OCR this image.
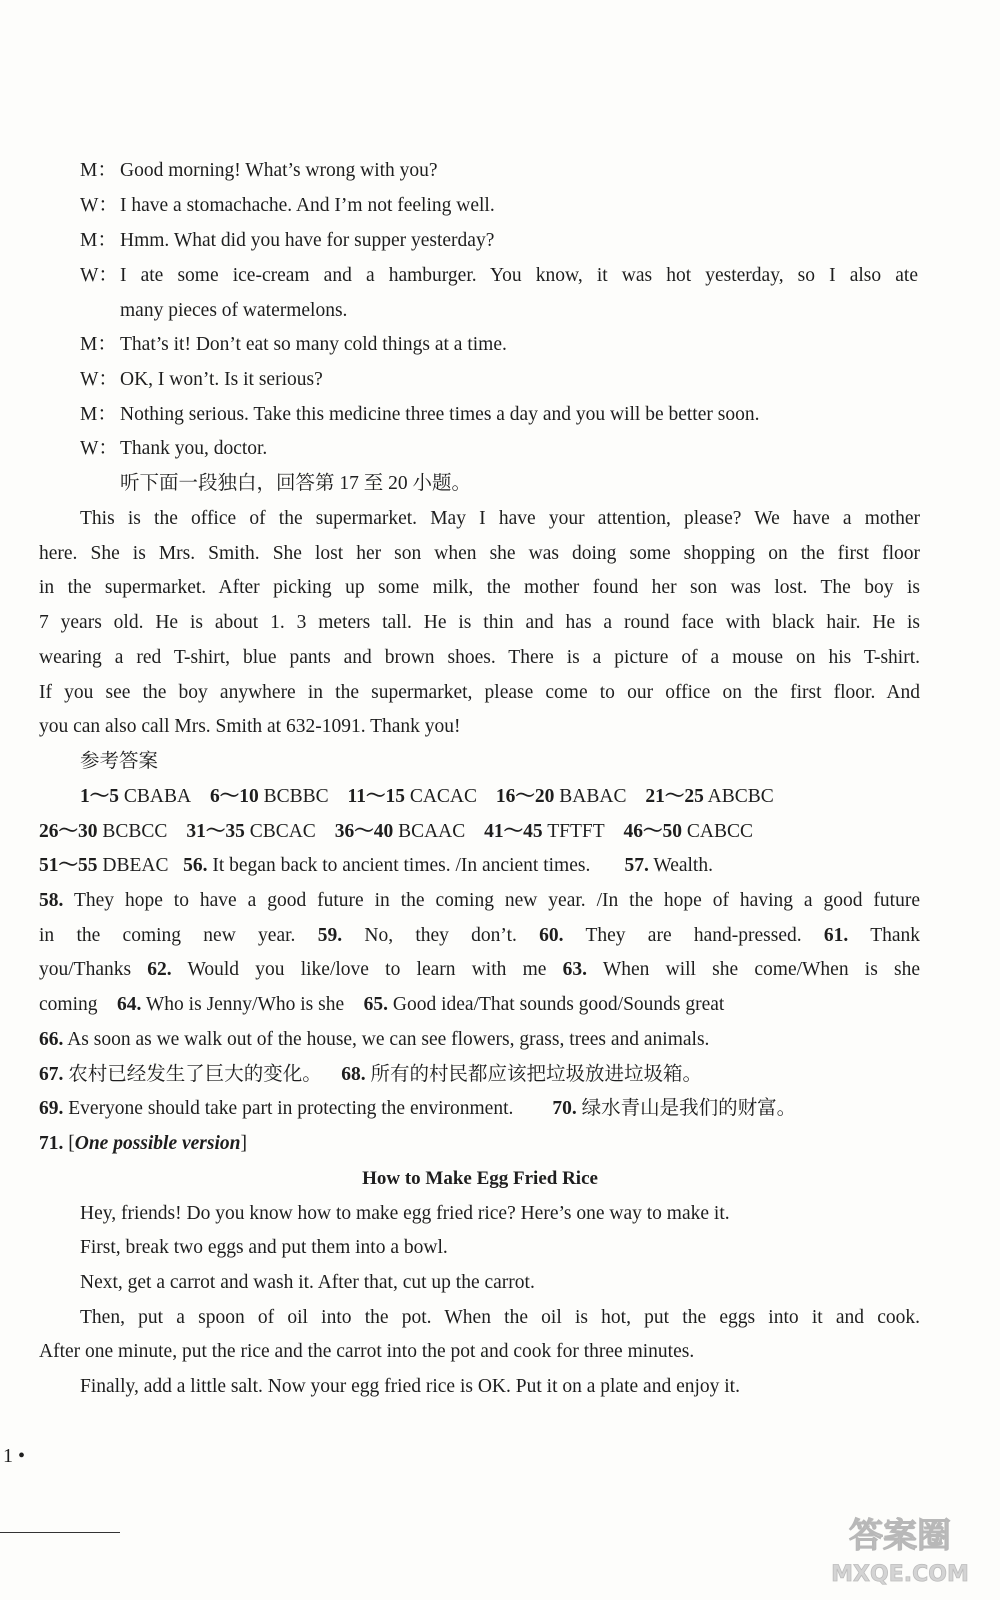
M： Good morning! What’s wrong with you?
W： I have a stomachache. And I’m not feeling well.
M： Hmm. What did you have for supper yesterday?
W： I ate some ice-cream and a hamburger. You know, it was hot yesterday, so I also ate
many pieces of watermelons.
M： That’s it! Don’t eat so many cold things at a time.
W： OK, I won’t. Is it serious?
M： Nothing serious. Take this medicine three times a day and you will be better soon.
W： Thank you, doctor.
听下面一段独白，回答第 17 至 20 小题。
This is the office of the supermarket. May I have your attention, please? We have a mother
here. She is Mrs. Smith. She lost her son when she was doing some shopping on the first floor
in the supermarket. After picking up some milk, the mother found her son was lost. The boy is
7 years old. He is about 1. 3 meters tall. He is thin and has a round face with black hair. He is
wearing a red T-shirt, blue pants and brown shoes. There is a picture of a mouse on his T-shirt.
If you see the boy anywhere in the supermarket, please come to our office on the first floor. And
you can also call Mrs. Smith at 632-1091. Thank you!
参考答案
1～5 CBABA 6～10 BCBBC 11～15 CACAC 16～20 BABAC 21～25 ABCBC
26～30 BCBCC 31～35 CBCAC 36～40 BCAAC 41～45 TFTFT 46～50 CABCC
51～55 DBEAC 56. It began back to ancient times. /In ancient times. 57. Wealth.
58. They hope to have a good future in the coming new year. /In the hope of having a good future
in the coming new year. 59. No, they don’t. 60. They are hand-pressed. 61. Thank
you/Thanks 62. Would you like/love to learn with me 63. When will she come/When is she
coming 64. Who is Jenny/Who is she 65. Good idea/That sounds good/Sounds great
66. As soon as we walk out of the house, we can see flowers, grass, trees and animals.
67. 农村已经发生了巨大的变化。 68. 所有的村民都应该把垃圾放进垃圾箱。
69. Everyone should take part in protecting the environment. 70. 绿水青山是我们的财富。
71. [One possible version]
How to Make Egg Fried Rice
Hey, friends! Do you know how to make egg fried rice? Here’s one way to make it.
First, break two eggs and put them into a bowl.
Next, get a carrot and wash it. After that, cut up the carrot.
Then, put a spoon of oil into the pot. When the oil is hot, put the eggs into it and cook.
After one minute, put the rice and the carrot into the pot and cook for three minutes.
Finally, add a little salt. Now your egg fried rice is OK. Put it on a plate and enjoy it.
1 •
答案圈
MXQE.COM
